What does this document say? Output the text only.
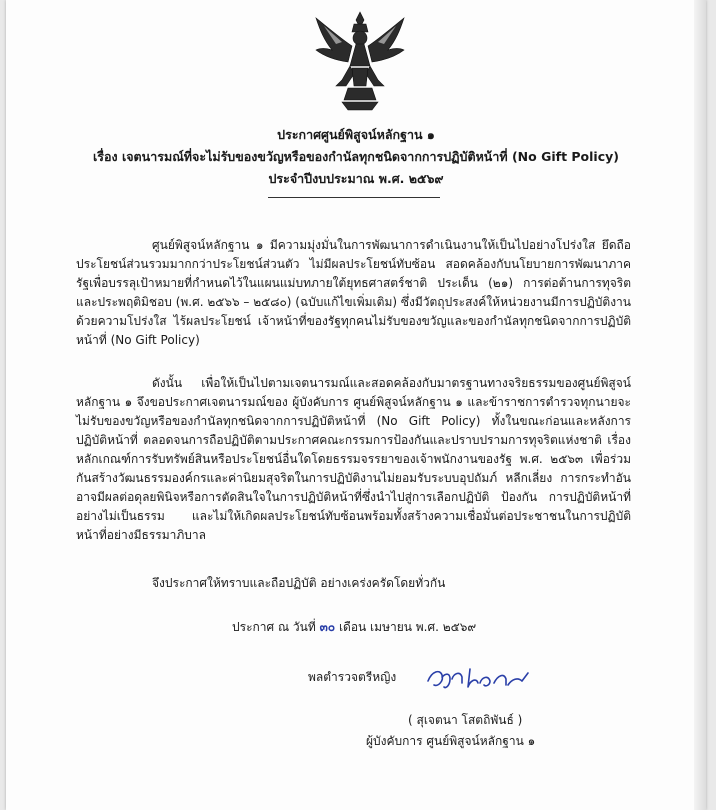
ประกาศศูนย์พิสูจน์หลักฐาน ๑
เรื่อง เจตนารมณ์ที่จะไม่รับของขวัญหรือของกำนัลทุกชนิดจากการปฏิบัติหน้าที่ (No Gift Policy)
ประจำปีงบประมาณ พ.ศ. ๒๕๖๙

ศูนย์พิสูจน์หลักฐาน ๑ มีความมุ่งมั่นในการพัฒนาการดำเนินงานให้เป็นไปอย่างโปร่งใส ยึดถือประโยชน์ส่วนรวมมากกว่าประโยชน์ส่วนตัว ไม่มีผลประโยชน์ทับซ้อน สอดคล้องกับนโยบายการพัฒนาภาครัฐเพื่อบรรลุเป้าหมายที่กำหนดไว้ในแผนแม่บทภายใต้ยุทธศาสตร์ชาติ ประเด็น (๒๑) การต่อต้านการทุจริตและประพฤติมิชอบ (พ.ศ. ๒๕๖๖ – ๒๕๘๐) (ฉบับแก้ไขเพิ่มเติม) ซึ่งมีวัตถุประสงค์ให้หน่วยงานมีการปฏิบัติงานด้วยความโปร่งใส ไร้ผลประโยชน์ เจ้าหน้าที่ของรัฐทุกคนไม่รับของขวัญและของกำนัลทุกชนิดจากการปฏิบัติหน้าที่ (No Gift Policy)

ดังนั้น เพื่อให้เป็นไปตามเจตนารมณ์และสอดคล้องกับมาตรฐานทางจริยธรรมของศูนย์พิสูจน์หลักฐาน ๑ จึงขอประกาศเจตนารมณ์ของ ผู้บังคับการ ศูนย์พิสูจน์หลักฐาน ๑ และข้าราชการตำรวจทุกนายจะไม่รับของขวัญหรือของกำนัลทุกชนิดจากการปฏิบัติหน้าที่ (No Gift Policy) ทั้งในขณะก่อนและหลังการปฏิบัติหน้าที่ ตลอดจนการถือปฏิบัติตามประกาศคณะกรรมการป้องกันและปราบปรามการทุจริตแห่งชาติ เรื่อง หลักเกณฑ์การรับทรัพย์สินหรือประโยชน์อื่นใดโดยธรรมจรรยาของเจ้าพนักงานของรัฐ พ.ศ. ๒๕๖๓ เพื่อร่วมกันสร้างวัฒนธรรมองค์กรและค่านิยมสุจริตในการปฏิบัติงานไม่ยอมรับระบบอุปถัมภ์ หลีกเลี่ยง การกระทำอันอาจมีผลต่อดุลยพินิจหรือการตัดสินใจในการปฏิบัติหน้าที่ซึ่งนำไปสู่การเลือกปฏิบัติ ป้องกัน การปฏิบัติหน้าที่อย่างไม่เป็นธรรม และไม่ให้เกิดผลประโยชน์ทับซ้อนพร้อมทั้งสร้างความเชื่อมั่นต่อประชาชนในการปฏิบัติหน้าที่อย่างมีธรรมาภิบาล

จึงประกาศให้ทราบและถือปฏิบัติ อย่างเคร่งครัดโดยทั่วกัน
ประกาศ ณ วันที่ ๓๐ เดือน เมษายน พ.ศ. ๒๕๖๙
พลตำรวจตรีหญิง
( สุเจตนา โสตถิพันธ์ )
ผู้บังคับการ ศูนย์พิสูจน์หลักฐาน ๑
